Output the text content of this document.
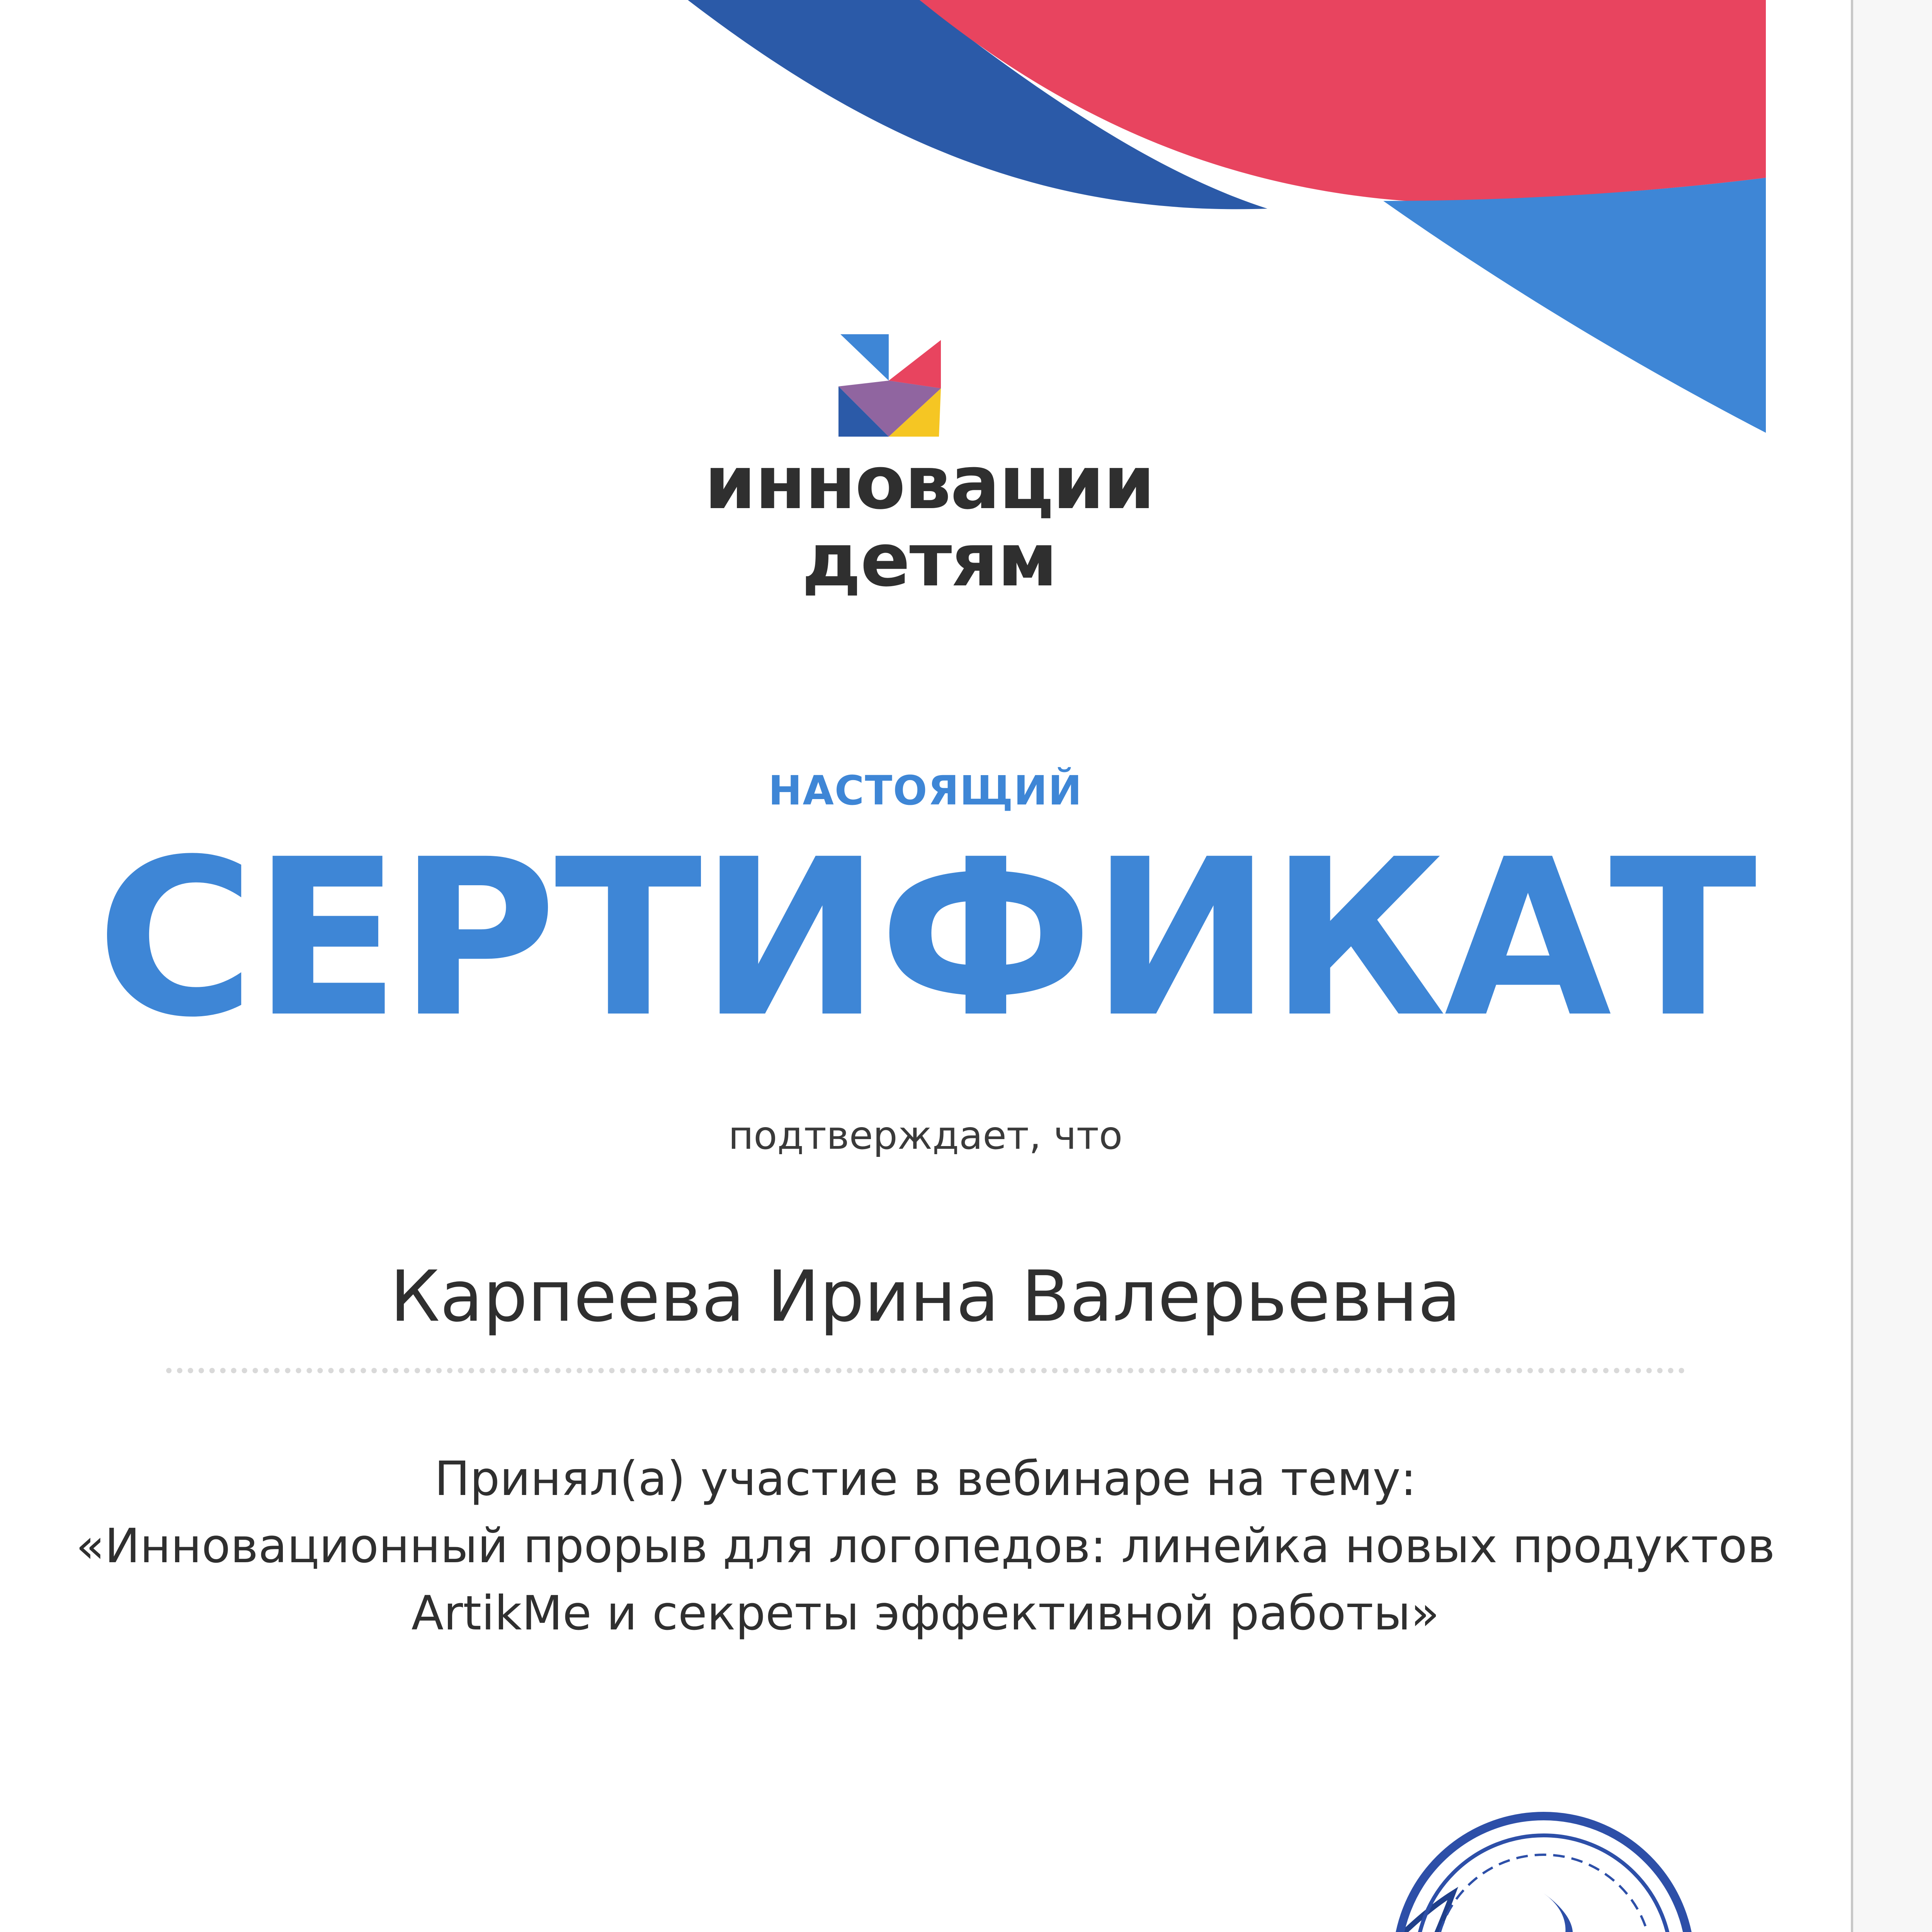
инновации
детям
НАСТОЯЩИЙ
СЕРТИФИКАТ
подтверждает, что
Карпеева Ирина Валерьевна
Принял(а) участие в вебинаре на тему:
«Инновационный прорыв для логопедов: линейка новых продуктов
ArtikMe и секреты эффективной работы»
